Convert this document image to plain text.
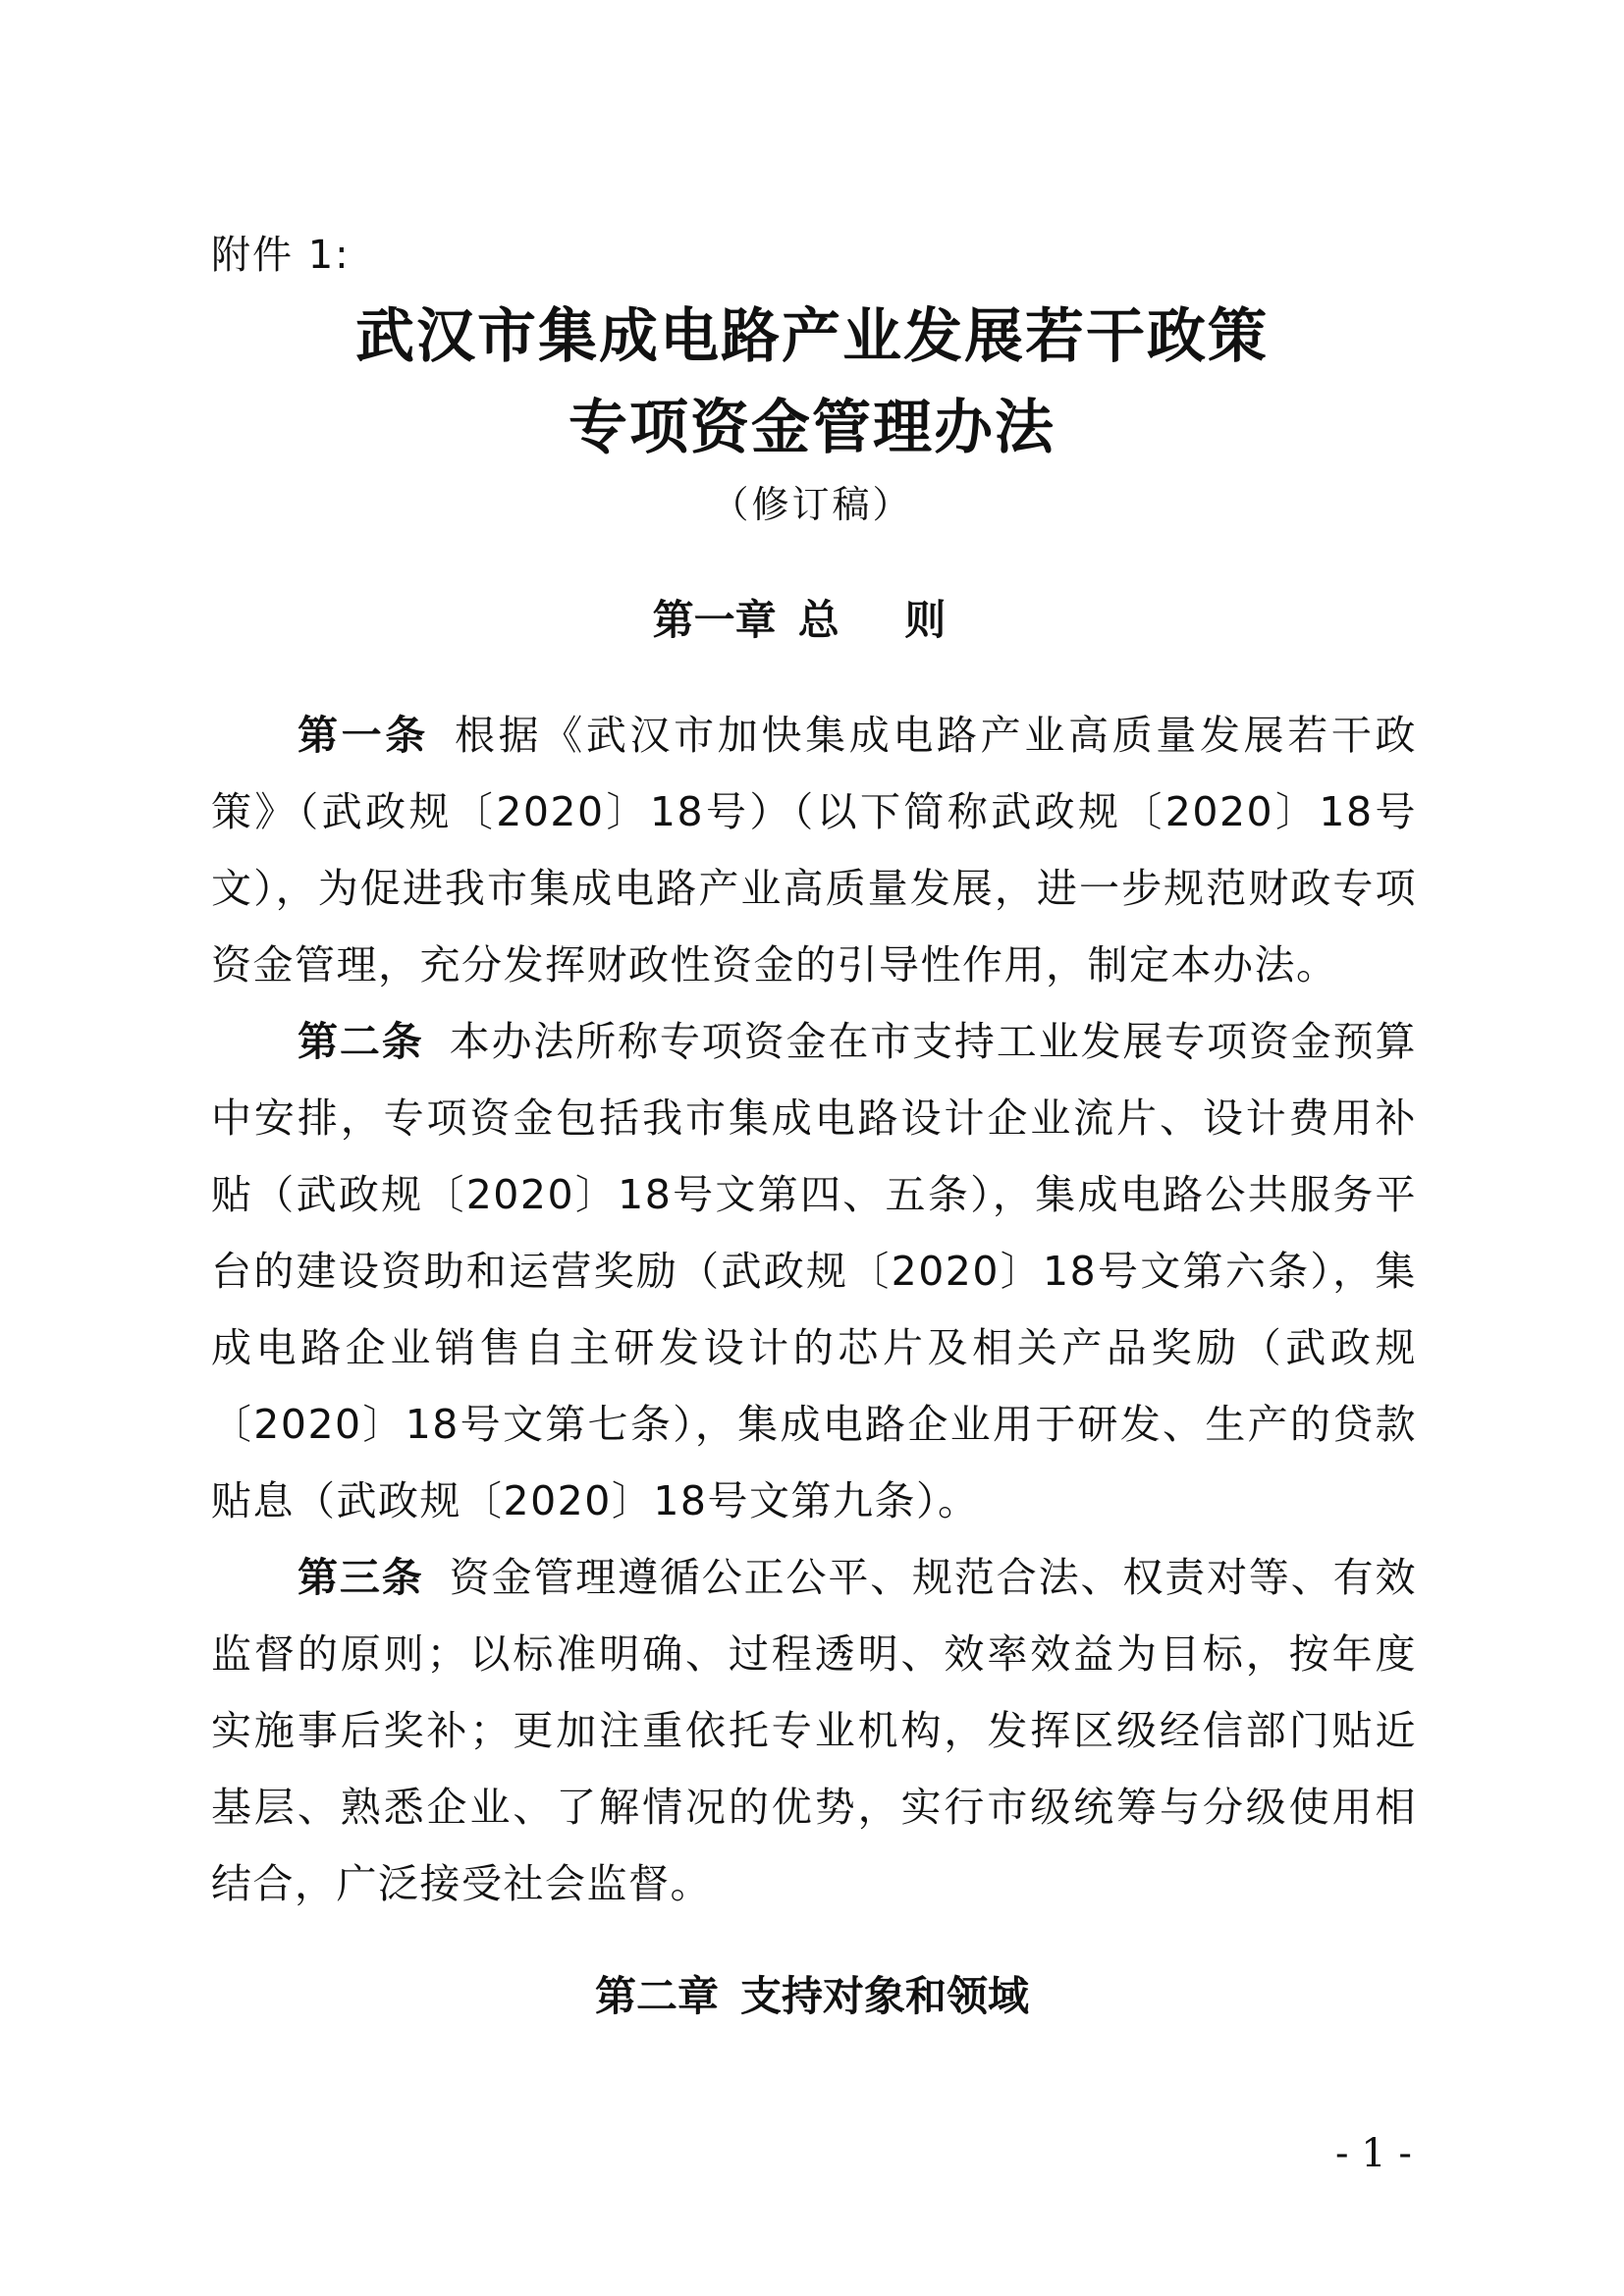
附件 1:
武汉市集成电路产业发展若干政策
专项资金管理办法
（修订稿）
第一章 总 则

第一条 根据《武汉市加快集成电路产业高质量发展若干政策》（武政规〔2020〕18号）（以下简称武政规〔2020〕18号文），为促进我市集成电路产业高质量发展，进一步规范财政专项资金管理，充分发挥财政性资金的引导性作用，制定本办法。

第二条 本办法所称专项资金在市支持工业发展专项资金预算中安排，专项资金包括我市集成电路设计企业流片、设计费用补贴（武政规〔2020〕18号文第四、五条），集成电路公共服务平台的建设资助和运营奖励（武政规〔2020〕18号文第六条），集成电路企业销售自主研发设计的芯片及相关产品奖励（武政规〔2020〕18号文第七条），集成电路企业用于研发、生产的贷款贴息（武政规〔2020〕18号文第九条）。

第三条 资金管理遵循公正公平、规范合法、权责对等、有效监督的原则；以标准明确、过程透明、效率效益为目标，按年度实施事后奖补；更加注重依托专业机构，发挥区级经信部门贴近基层、熟悉企业、了解情况的优势，实行市级统筹与分级使用相结合，广泛接受社会监督。

第二章 支持对象和领域
- 1 -
